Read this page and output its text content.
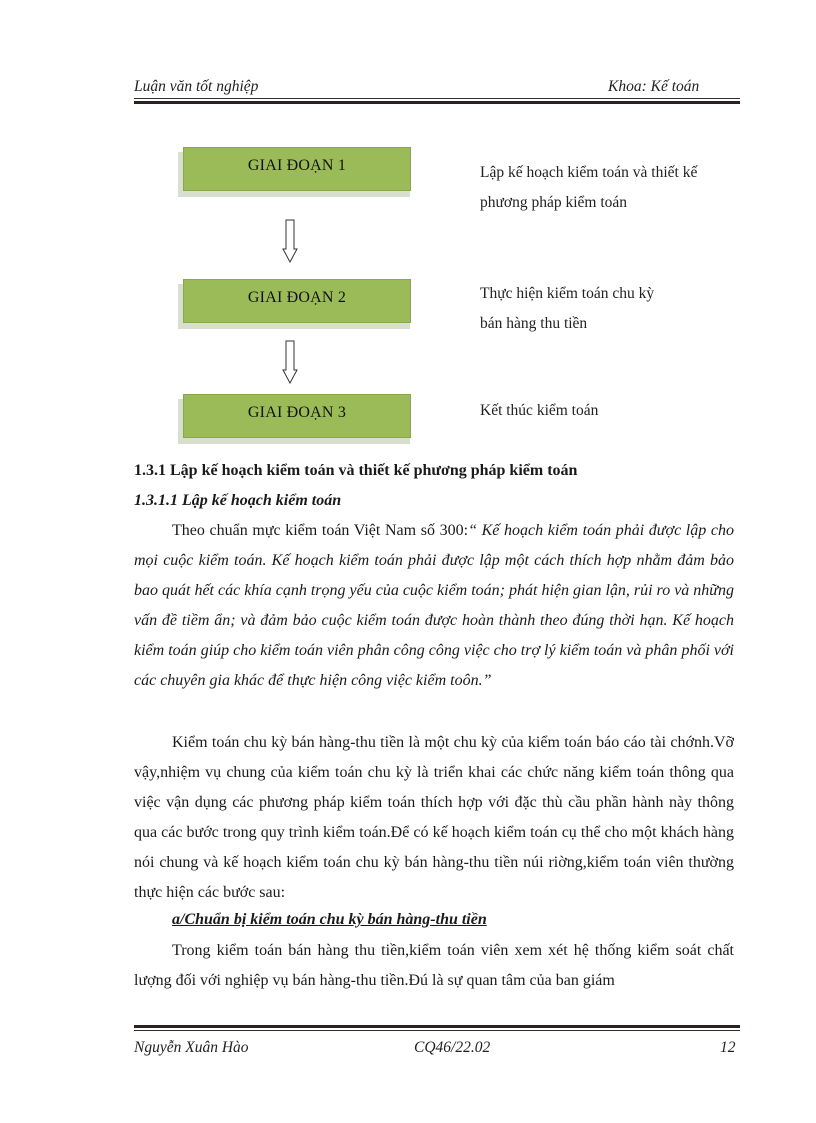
Luận văn tốt nghiệp	Khoa: Kế toán
GIAI ĐOẠN 1	Lập kế hoạch kiểm toán và thiết kế
phương pháp kiểm toán
GIAI ĐOẠN 2	Thực hiện kiểm toán chu kỳ
bán hàng thu tiền
GIAI ĐOẠN 3	Kết thúc kiểm toán
1.3.1 Lập kế hoạch kiểm toán và thiết kế phương pháp kiểm toán
1.3.1.1 Lập kế hoạch kiểm toán
Theo chuẩn mực kiểm toán Việt Nam số 300:“ Kế hoạch kiểm toán phải được lập cho mọi cuộc kiểm toán. Kế hoạch kiểm toán phải được lập một cách thích hợp nhằm đảm bảo bao quát hết các khía cạnh trọng yếu của cuộc kiểm toán; phát hiện gian lận, rủi ro và những vấn đề tiềm ẩn; và đảm bảo cuộc kiểm toán được hoàn thành theo đúng thời hạn. Kế hoạch kiểm toán giúp cho kiểm toán viên phân công công việc cho trợ lý kiểm toán và phân phối với các chuyên gia khác để thực hiện công việc kiểm toôn.”
Kiểm toán chu kỳ bán hàng-thu tiền là một chu kỳ của kiểm toán báo cáo tài chớnh.Vỡ vậy,nhiệm vụ chung của kiểm toán chu kỳ là triển khai các chức năng kiểm toán thông qua việc vận dụng các phương pháp kiểm toán thích hợp với đặc thù cầu phần hành này thông qua các bước trong quy trình kiểm toán.Để có kế hoạch kiểm toán cụ thể cho một khách hàng nói chung và kế hoạch kiểm toán chu kỳ bán hàng-thu tiền núi riờng,kiểm toán viên thường thực hiện các bước sau:
a/Chuẩn bị kiểm toán chu kỳ bán hàng-thu tiền
Trong kiểm toán bán hàng thu tiền,kiểm toán viên xem xét hệ thống kiểm soát chất lượng đối với nghiệp vụ bán hàng-thu tiền.Đú là sự quan tâm của ban giám
Nguyễn Xuân Hào	CQ46/22.02	12
